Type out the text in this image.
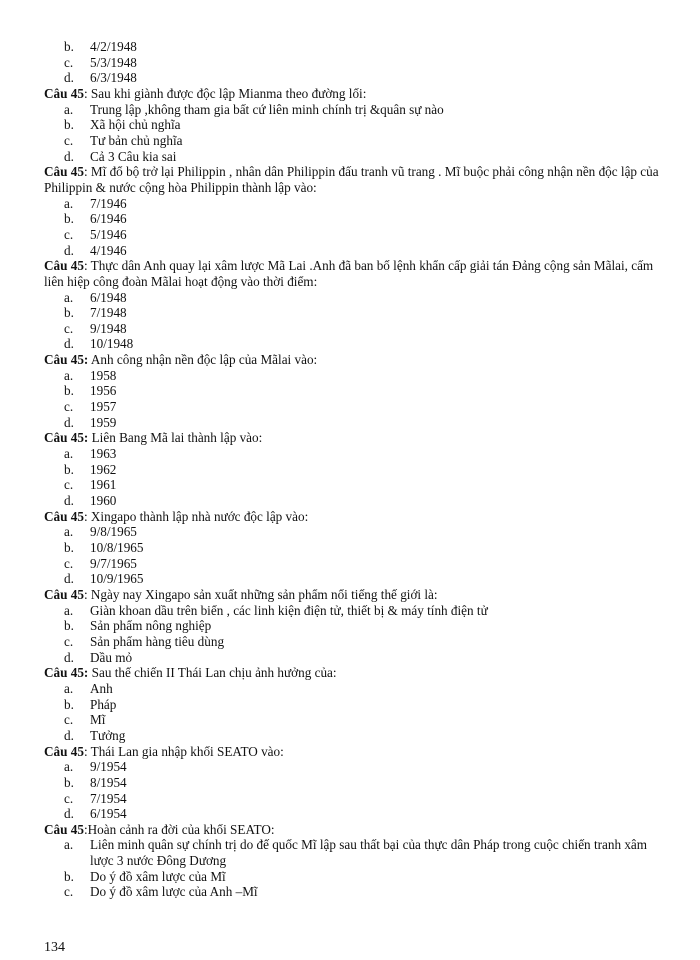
b.	4/2/1948
c.	5/3/1948
d.	6/3/1948
Câu 45: Sau khi giành được độc lập Mianma theo đường lối:
a.	Trung lập ,không tham gia bất cứ liên minh chính trị &quân sự nào
b.	Xã hội chủ nghĩa
c.	Tư bản chủ nghĩa
d.	Cả 3 Câu kia sai
Câu 45: Mĩ đổ bộ trở lại Philippin , nhân dân Philippin đấu tranh vũ trang . Mĩ buộc phải công nhận nền độc lập của Philippin & nước cộng hòa Philippin thành lập vào:
a.	7/1946
b.	6/1946
c.	5/1946
d.	4/1946
Câu 45: Thực dân Anh quay lại xâm lược Mã Lai .Anh đã ban bố lệnh khẩn cấp giải tán Đảng cộng sản Mãlai, cấm liên hiệp công đoàn Mãlai hoạt động vào thời điểm:
a.	6/1948
b.	7/1948
c.	9/1948
d.	10/1948
Câu 45: Anh công nhận nền độc lập của Mãlai vào:
a.	1958
b.	1956
c.	1957
d.	1959
Câu 45: Liên Bang Mã lai thành lập vào:
a.	1963
b.	1962
c.	1961
d.	1960
Câu 45: Xingapo thành lập nhà nước độc lập vào:
a.	9/8/1965
b.	10/8/1965
c.	9/7/1965
d.	10/9/1965
Câu 45: Ngày nay Xingapo sản xuất những sản phẩm nổi tiếng thế giới là:
a.	Giàn khoan dầu trên biển , các linh kiện điện tử, thiết bị & máy tính điện tử
b.	Sản phẩm nông nghiệp
c.	Sản phẩm hàng tiêu dùng
d.	Dầu mỏ
Câu 45: Sau thế chiến II Thái Lan chịu ảnh hưởng của:
a.	Anh
b.	Pháp
c.	Mĩ
d.	Tưởng
Câu 45: Thái Lan gia nhập khối SEATO vào:
a.	9/1954
b.	8/1954
c.	7/1954
d.	6/1954
Câu 45:Hoàn cảnh ra đời của khối SEATO:
a.	Liên minh quân sự chính trị do đế quốc Mĩ lập sau thất bại của thực dân Pháp trong cuộc chiến tranh xâm lược 3 nước Đông Dương
b.	Do ý đồ xâm lược của Mĩ
c.	Do ý đồ xâm lược của Anh –Mĩ
134
